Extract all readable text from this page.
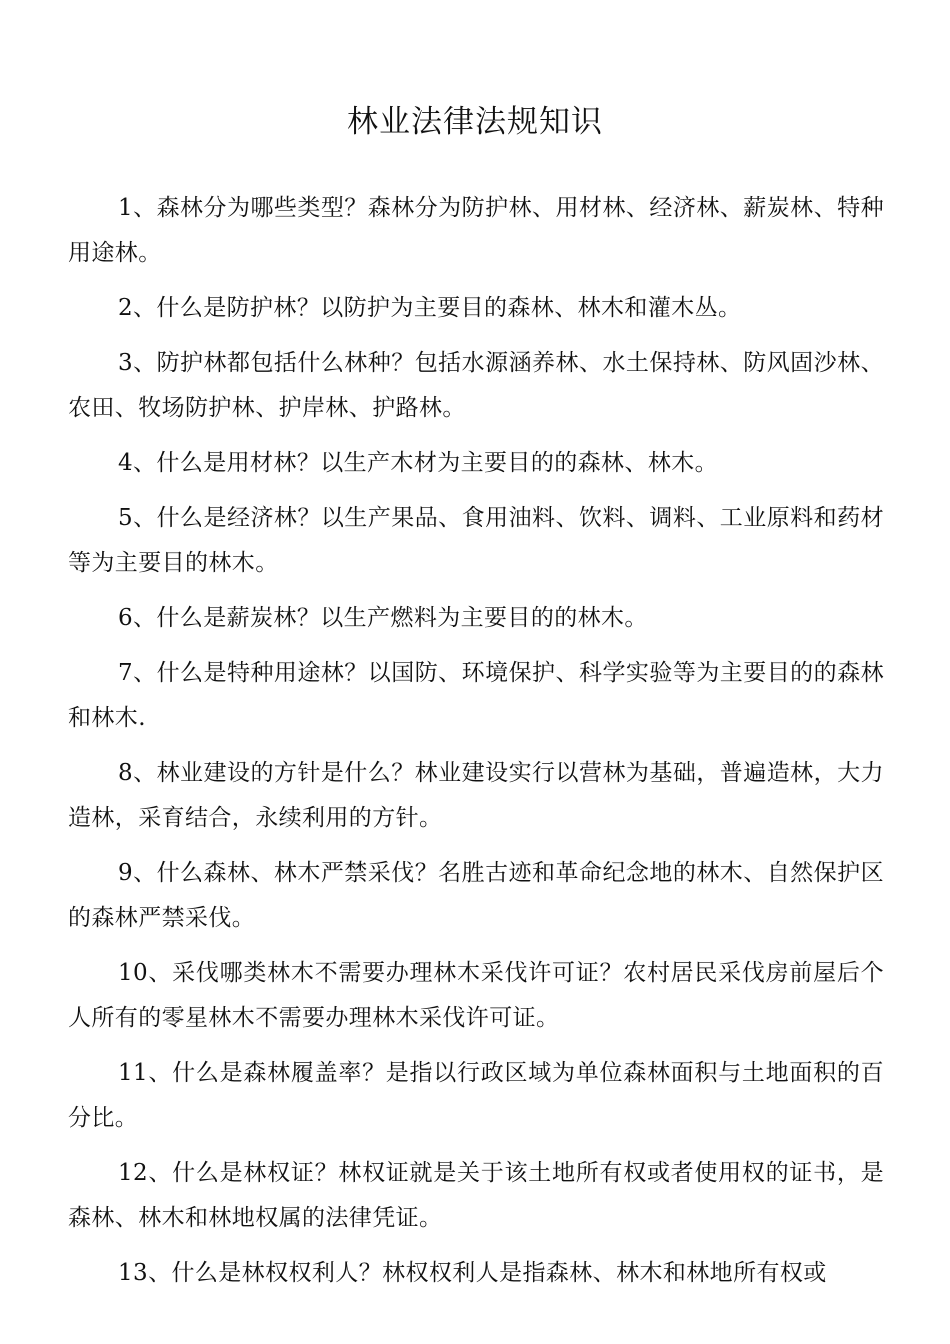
林业法律法规知识

1、森林分为哪些类型？森林分为防护林、用材林、经济林、薪炭林、特种用途林。

2、什么是防护林？以防护为主要目的森林、林木和灌木丛。

3、防护林都包括什么林种？包括水源涵养林、水土保持林、防风固沙林、农田、牧场防护林、护岸林、护路林。

4、什么是用材林？以生产木材为主要目的的森林、林木。

5、什么是经济林？以生产果品、食用油料、饮料、调料、工业原料和药材等为主要目的林木。

6、什么是薪炭林？以生产燃料为主要目的的林木。

7、什么是特种用途林？以国防、环境保护、科学实验等为主要目的的森林和林木.

8、林业建设的方针是什么？林业建设实行以营林为基础，普遍造林，大力造林，采育结合，永续利用的方针。

9、什么森林、林木严禁采伐？名胜古迹和革命纪念地的林木、自然保护区的森林严禁采伐。

10、采伐哪类林木不需要办理林木采伐许可证？农村居民采伐房前屋后个人所有的零星林木不需要办理林木采伐许可证。

11、什么是森林履盖率？是指以行政区域为单位森林面积与土地面积的百分比。

12、什么是林权证？林权证就是关于该土地所有权或者使用权的证书，是森林、林木和林地权属的法律凭证。

13、什么是林权权利人？林权权利人是指森林、林木和林地所有权或
